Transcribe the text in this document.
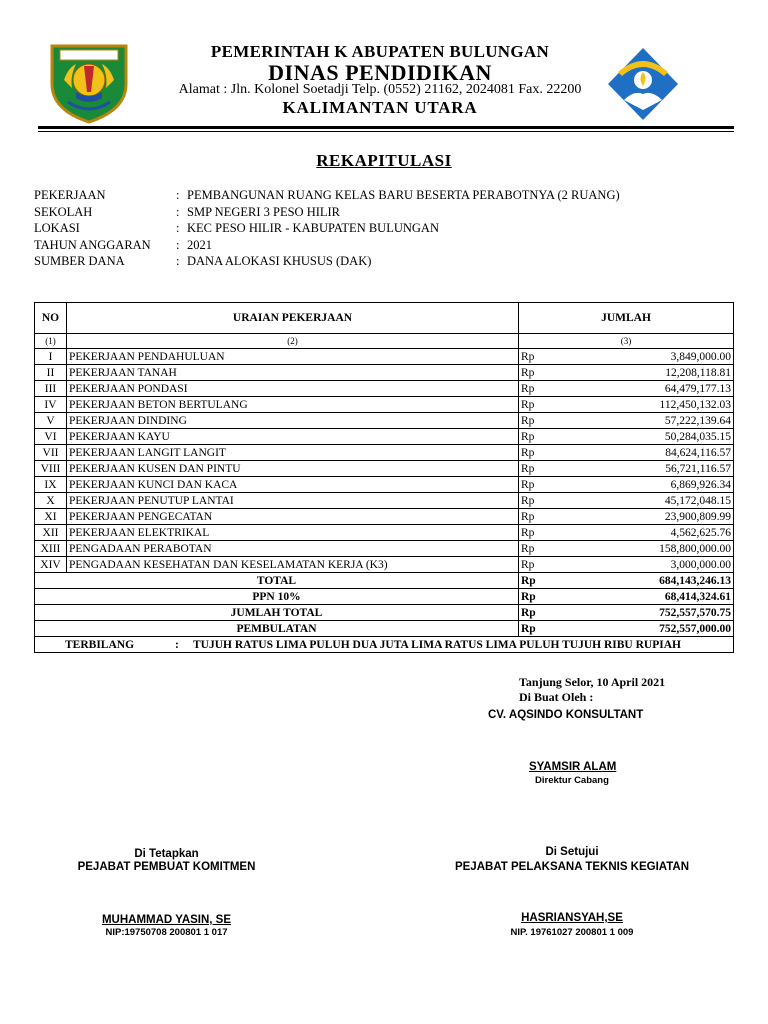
PEMERINTAH K ABUPATEN BULUNGAN
DINAS PENDIDIKAN
Alamat : Jln. Kolonel Soetadji Telp. (0552) 21162, 2024081 Fax. 22200
KALIMANTAN UTARA
REKAPITULASI
PEKERJAAN	: PEMBANGUNAN RUANG KELAS BARU BESERTA PERABOTNYA (2 RUANG)
SEKOLAH	: SMP NEGERI 3 PESO HILIR
LOKASI	: KEC PESO HILIR - KABUPATEN BULUNGAN
TAHUN ANGGARAN : 2021
SUMBER DANA	: DANA ALOKASI KHUSUS (DAK)
NO	URAIAN PEKERJAAN	JUMLAH	
(1)	(2)	(3)	
I	PEKERJAAN PENDAHULUAN	Rp	3,849,000.00
II	PEKERJAAN TANAH	Rp	12,208,118.81
III	PEKERJAAN PONDASI	Rp	64,479,177.13
IV	PEKERJAAN BETON BERTULANG	Rp	112,450,132.03
V	PEKERJAAN DINDING	Rp	57,222,139.64
VI	PEKERJAAN KAYU	Rp	50,284,035.15
VII	PEKERJAAN LANGIT LANGIT	Rp	84,624,116.57
VIII	PEKERJAAN KUSEN DAN PINTU	Rp	56,721,116.57
IX	PEKERJAAN KUNCI DAN KACA	Rp	6,869,926.34
X	PEKERJAAN PENUTUP LANTAI	Rp	45,172,048.15
XI	PEKERJAAN PENGECATAN	Rp	23,900,809.99
XII	PEKERJAAN ELEKTRIKAL	Rp	4,562,625.76
XIII	PENGADAAN PERABOTAN	Rp	158,800,000.00
XIV	PENGADAAN KESEHATAN DAN KESELAMATAN KERJA (K3)	Rp	3,000,000.00
TOTAL		Rp	684,143,246.13
PPN 10%		Rp	68,414,324.61
JUMLAH TOTAL		Rp	752,557,570.75
PEMBULATAN		Rp	752,557,000.00
TERBILANG : TUJUH RATUS LIMA PULUH DUA JUTA LIMA RATUS LIMA PULUH TUJUH RIBU RUPIAH			
Tanjung Selor, 10 April 2021
Di Buat Oleh :
CV. AQSINDO KONSULTANT
SYAMSIR ALAM
Direktur Cabang
Di Tetapkan
PEJABAT PEMBUAT KOMITMEN
MUHAMMAD YASIN, SE
NIP:19750708 200801 1 017
Di Setujui
PEJABAT PELAKSANA TEKNIS KEGIATAN
HASRIANSYAH,SE
NIP. 19761027 200801 1 009
